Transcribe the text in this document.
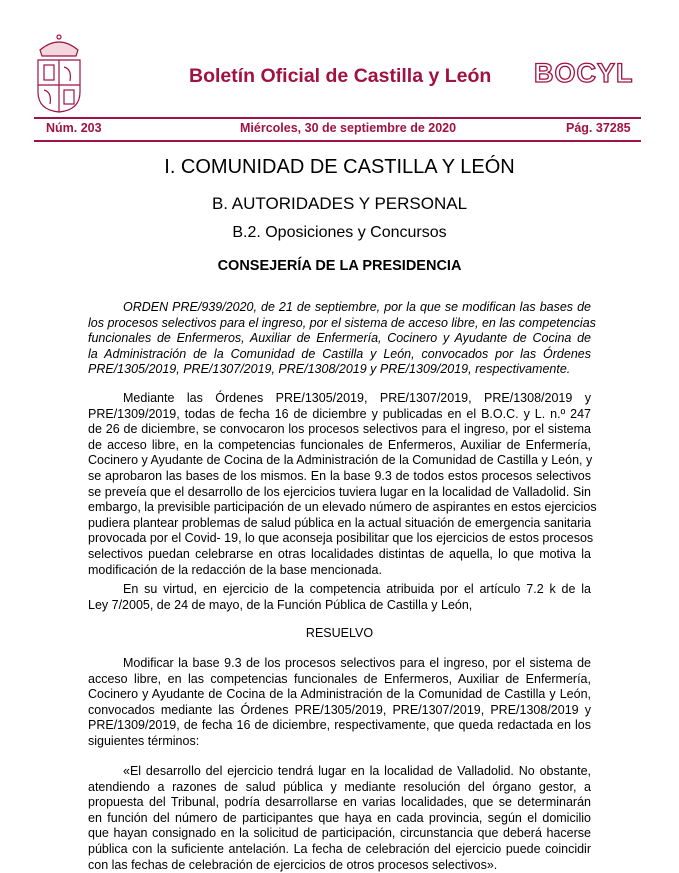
Boletín Oficial de Castilla y León BOCYL
Núm. 203	Miércoles, 30 de septiembre de 2020	Pág. 37285
I. COMUNIDAD DE CASTILLA Y LEÓN
B. AUTORIDADES Y PERSONAL
B.2. Oposiciones y Concursos
CONSEJERÍA DE LA PRESIDENCIA
ORDEN PRE/939/2020, de 21 de septiembre, por la que se modifican las bases de
los procesos selectivos para el ingreso, por el sistema de acceso libre, en las competencias
funcionales de Enfermeros, Auxiliar de Enfermería, Cocinero y Ayudante de Cocina de
la Administración de la Comunidad de Castilla y León, convocados por las Órdenes
PRE/1305/2019, PRE/1307/2019, PRE/1308/2019 y PRE/1309/2019, respectivamente.
Mediante las Órdenes PRE/1305/2019, PRE/1307/2019, PRE/1308/2019 y
PRE/1309/2019, todas de fecha 16 de diciembre y publicadas en el B.O.C. y L. n.º 247
de 26 de diciembre, se convocaron los procesos selectivos para el ingreso, por el sistema
de acceso libre, en la competencias funcionales de Enfermeros, Auxiliar de Enfermería,
Cocinero y Ayudante de Cocina de la Administración de la Comunidad de Castilla y León, y
se aprobaron las bases de los mismos. En la base 9.3 de todos estos procesos selectivos
se preveía que el desarrollo de los ejercicios tuviera lugar en la localidad de Valladolid. Sin
embargo, la previsible participación de un elevado número de aspirantes en estos ejercicios
pudiera plantear problemas de salud pública en la actual situación de emergencia sanitaria
provocada por el Covid- 19, lo que aconseja posibilitar que los ejercicios de estos procesos
selectivos puedan celebrarse en otras localidades distintas de aquella, lo que motiva la
modificación de la redacción de la base mencionada.
En su virtud, en ejercicio de la competencia atribuida por el artículo 7.2 k de la
Ley 7/2005, de 24 de mayo, de la Función Pública de Castilla y León,
RESUELVO
Modificar la base 9.3 de los procesos selectivos para el ingreso, por el sistema de
acceso libre, en las competencias funcionales de Enfermeros, Auxiliar de Enfermería,
Cocinero y Ayudante de Cocina de la Administración de la Comunidad de Castilla y León,
convocados mediante las Órdenes PRE/1305/2019, PRE/1307/2019, PRE/1308/2019 y
PRE/1309/2019, de fecha 16 de diciembre, respectivamente, que queda redactada en los
siguientes términos:
«El desarrollo del ejercicio tendrá lugar en la localidad de Valladolid. No obstante,
atendiendo a razones de salud pública y mediante resolución del órgano gestor, a
propuesta del Tribunal, podría desarrollarse en varias localidades, que se determinarán
en función del número de participantes que haya en cada provincia, según el domicilio
que hayan consignado en la solicitud de participación, circunstancia que deberá hacerse
pública con la suficiente antelación. La fecha de celebración del ejercicio puede coincidir
con las fechas de celebración de ejercicios de otros procesos selectivos».
